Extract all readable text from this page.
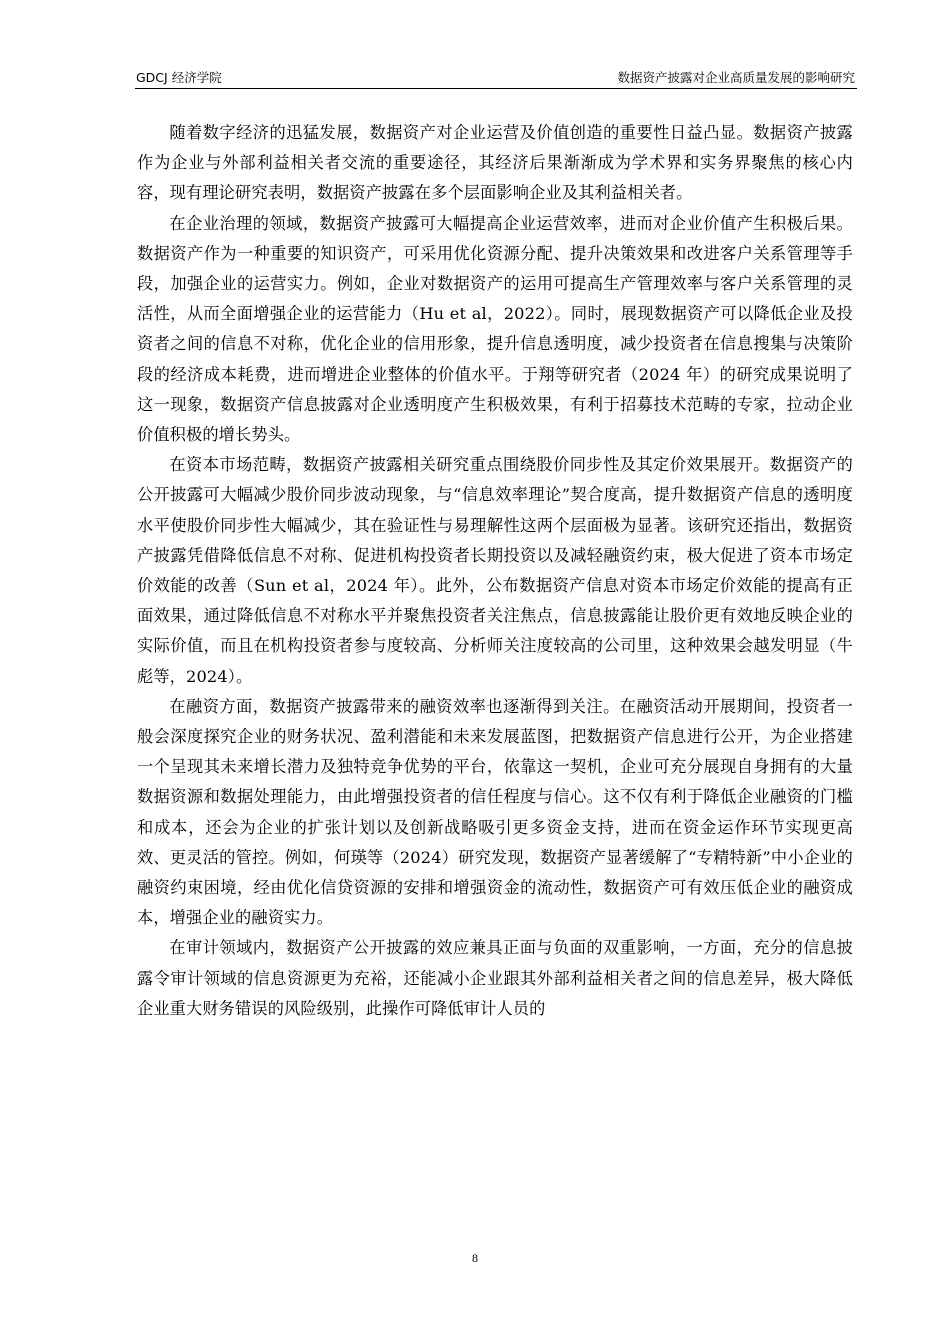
GDCJ 经济学院	数据资产披露对企业高质量发展的影响研究

随着数字经济的迅猛发展，数据资产对企业运营及价值创造的重要性日益凸显。数据资产披露作为企业与外部利益相关者交流的重要途径，其经济后果渐渐成为学术界和实务界聚焦的核心内容，现有理论研究表明，数据资产披露在多个层面影响企业及其利益相关者。

在企业治理的领域，数据资产披露可大幅提高企业运营效率，进而对企业价值产生积极后果。数据资产作为一种重要的知识资产，可采用优化资源分配、提升决策效果和改进客户关系管理等手段，加强企业的运营实力。例如，企业对数据资产的运用可提高生产管理效率与客户关系管理的灵活性，从而全面增强企业的运营能力（Hu et al，2022）。同时，展现数据资产可以降低企业及投资者之间的信息不对称，优化企业的信用形象，提升信息透明度，减少投资者在信息搜集与决策阶段的经济成本耗费，进而增进企业整体的价值水平。于翔等研究者（2024 年）的研究成果说明了这一现象，数据资产信息披露对企业透明度产生积极效果，有利于招募技术范畴的专家，拉动企业价值积极的增长势头。

在资本市场范畴，数据资产披露相关研究重点围绕股价同步性及其定价效果展开。数据资产的公开披露可大幅减少股价同步波动现象，与“信息效率理论”契合度高，提升数据资产信息的透明度水平使股价同步性大幅减少，其在验证性与易理解性这两个层面极为显著。该研究还指出，数据资产披露凭借降低信息不对称、促进机构投资者长期投资以及减轻融资约束，极大促进了资本市场定价效能的改善（Sun et al，2024 年）。此外，公布数据资产信息对资本市场定价效能的提高有正面效果，通过降低信息不对称水平并聚焦投资者关注焦点，信息披露能让股价更有效地反映企业的实际价值，而且在机构投资者参与度较高、分析师关注度较高的公司里，这种效果会越发明显（牛彪等，2024）。

在融资方面，数据资产披露带来的融资效率也逐渐得到关注。在融资活动开展期间，投资者一般会深度探究企业的财务状况、盈利潜能和未来发展蓝图，把数据资产信息进行公开，为企业搭建一个呈现其未来增长潜力及独特竞争优势的平台，依靠这一契机，企业可充分展现自身拥有的大量数据资源和数据处理能力，由此增强投资者的信任程度与信心。这不仅有利于降低企业融资的门槛和成本，还会为企业的扩张计划以及创新战略吸引更多资金支持，进而在资金运作环节实现更高效、更灵活的管控。例如，何瑛等（2024）研究发现，数据资产显著缓解了“专精特新”中小企业的融资约束困境，经由优化信贷资源的安排和增强资金的流动性，数据资产可有效压低企业的融资成本，增强企业的融资实力。

在审计领域内，数据资产公开披露的效应兼具正面与负面的双重影响，一方面，充分的信息披露令审计领域的信息资源更为充裕，还能减小企业跟其外部利益相关者之间的信息差异，极大降低企业重大财务错误的风险级别，此操作可降低审计人员的

8
